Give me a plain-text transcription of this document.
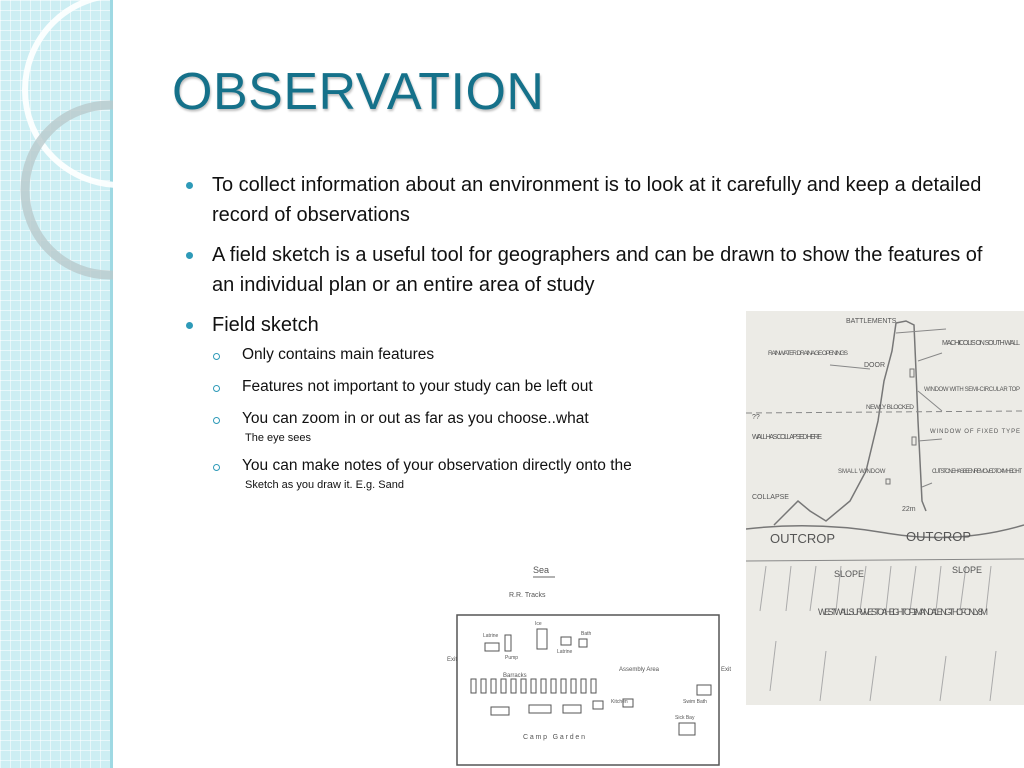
OBSERVATION
To collect information about an environment is to look at it carefully and keep a detailed record of observations
A field sketch is a useful tool for geographers and can be drawn to show the features of an individual plan or an entire area of study
Field sketch
Only contains main features
Features not important to your study can be left out
You can zoom in or out as far as you choose..what
The eye sees
You can make notes of your observation directly onto the
Sketch as you draw it. E.g. Sand
BATTLEMENTS
MACHICOLIS ON SOUTH WALL
RAINWATER DRAINAGE OPENINGS
DOOR
WINDOW WITH SEMI-CIRCULAR TOP
??
WALL HAS COLLAPSED HERE
NEWLY BLOCKED
WINDOW OF FIXED TYPE
SMALL WINDOW	CUT STONE HAS BEEN REMOVED TO 4M HEIGHT
COLLAPSE
22m
OUTCROP	OUTCROP
SLOPE	SLOPE
WEST WALL SURVIVES TO A HEIGHT OF 1²/M AND A LENGTH OF ONLY 8M
Sea
R.R. Tracks
Exit
Exit
Latrine
Pump
Ice
Bath
Latrine
Barracks
Assembly Area
Kitchen	Swim Bath
Sick Bay
Camp Garden
